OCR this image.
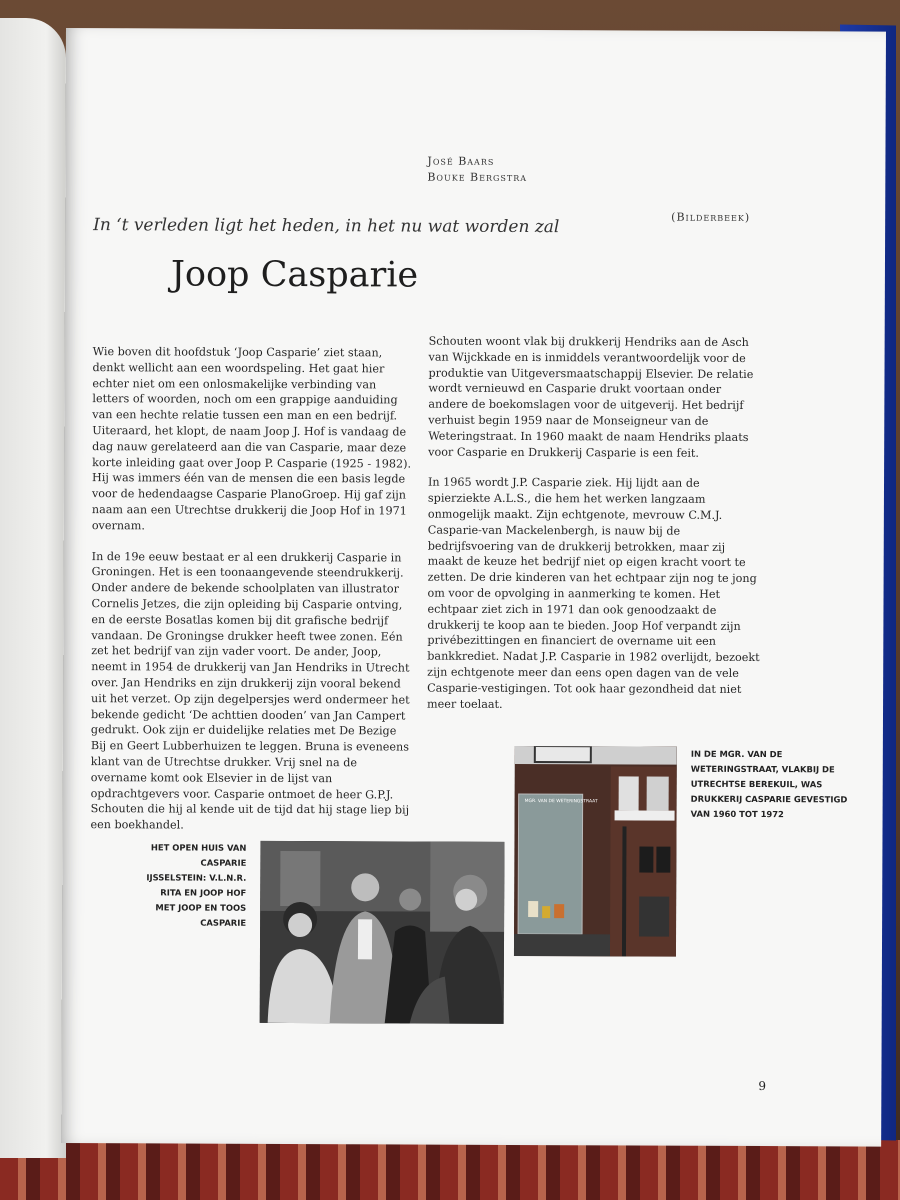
José Baars
Bouke Bergstra
In ‘t verleden ligt het heden, in het nu wat worden zal	(Bilderbeek)
Joop Casparie

Wie boven dit hoofdstuk ‘Joop Casparie’ ziet staan, denkt wellicht aan een woordspeling. Het gaat hier echter niet om een onlosmakelijke verbinding van letters of woorden, noch om een grappige aanduiding van een hechte relatie tussen een man en een bedrijf. Uiteraard, het klopt, de naam Joop J. Hof is vandaag de dag nauw gerelateerd aan die van Casparie, maar deze korte inleiding gaat over Joop P. Casparie (1925 - 1982). Hij was immers één van de mensen die een basis legde voor de hedendaagse Casparie PlanoGroep. Hij gaf zijn naam aan een Utrechtse drukkerij die Joop Hof in 1971 overnam.

In de 19e eeuw bestaat er al een drukkerij Casparie in Groningen. Het is een toonaangevende steendrukkerij. Onder andere de bekende schoolplaten van illustrator Cornelis Jetzes, die zijn opleiding bij Casparie ontving, en de eerste Bosatlas komen bij dit grafische bedrijf vandaan. De Groningse drukker heeft twee zonen. Eén zet het bedrijf van zijn vader voort. De ander, Joop, neemt in 1954 de drukkerij van Jan Hendriks in Utrecht over. Jan Hendriks en zijn drukkerij zijn vooral bekend uit het verzet. Op zijn degelpersjes werd ondermeer het bekende gedicht ‘De achttien dooden’ van Jan Campert gedrukt. Ook zijn er duidelijke relaties met De Bezige Bij en Geert Lubberhuizen te leggen. Bruna is eveneens klant van de Utrechtse drukker. Vrij snel na de overname komt ook Elsevier in de lijst van opdrachtgevers voor. Casparie ontmoet de heer G.P.J. Schouten die hij al kende uit de tijd dat hij stage liep bij een boekhandel.

Schouten woont vlak bij drukkerij Hendriks aan de Asch van Wijckkade en is inmiddels verantwoordelijk voor de produktie van Uitgeversmaatschappij Elsevier. De relatie wordt vernieuwd en Casparie drukt voortaan onder andere de boekomslagen voor de uitgeverij. Het bedrijf verhuist begin 1959 naar de Monseigneur van de Weteringstraat. In 1960 maakt de naam Hendriks plaats voor Casparie en Drukkerij Casparie is een feit.

In 1965 wordt J.P. Casparie ziek. Hij lijdt aan de spierziekte A.L.S., die hem het werken langzaam onmogelijk maakt. Zijn echtgenote, mevrouw C.M.J. Casparie-van Mackelenbergh, is nauw bij de bedrijfsvoering van de drukkerij betrokken, maar zij maakt de keuze het bedrijf niet op eigen kracht voort te zetten. De drie kinderen van het echtpaar zijn nog te jong om voor de opvolging in aanmerking te komen. Het echtpaar ziet zich in 1971 dan ook genoodzaakt de drukkerij te koop aan te bieden. Joop Hof verpandt zijn privébezittingen en financiert de overname uit een bankkrediet. Nadat J.P. Casparie in 1982 overlijdt, bezoekt zijn echtgenote meer dan eens open dagen van de vele Casparie-vestigingen. Tot ook haar gezondheid dat niet meer toelaat.

HET OPEN HUIS VAN CASPARIE IJSSELSTEIN: V.L.N.R. RITA EN JOOP HOF MET JOOP EN TOOS CASPARIE
MGR. VAN DE WETERINGSTRAAT
IN DE MGR. VAN DE WETERINGSTRAAT, VLAKBIJ DE UTRECHTSE BEREKUIL, WAS DRUKKERIJ CASPARIE GEVESTIGD VAN 1960 TOT 1972
9
